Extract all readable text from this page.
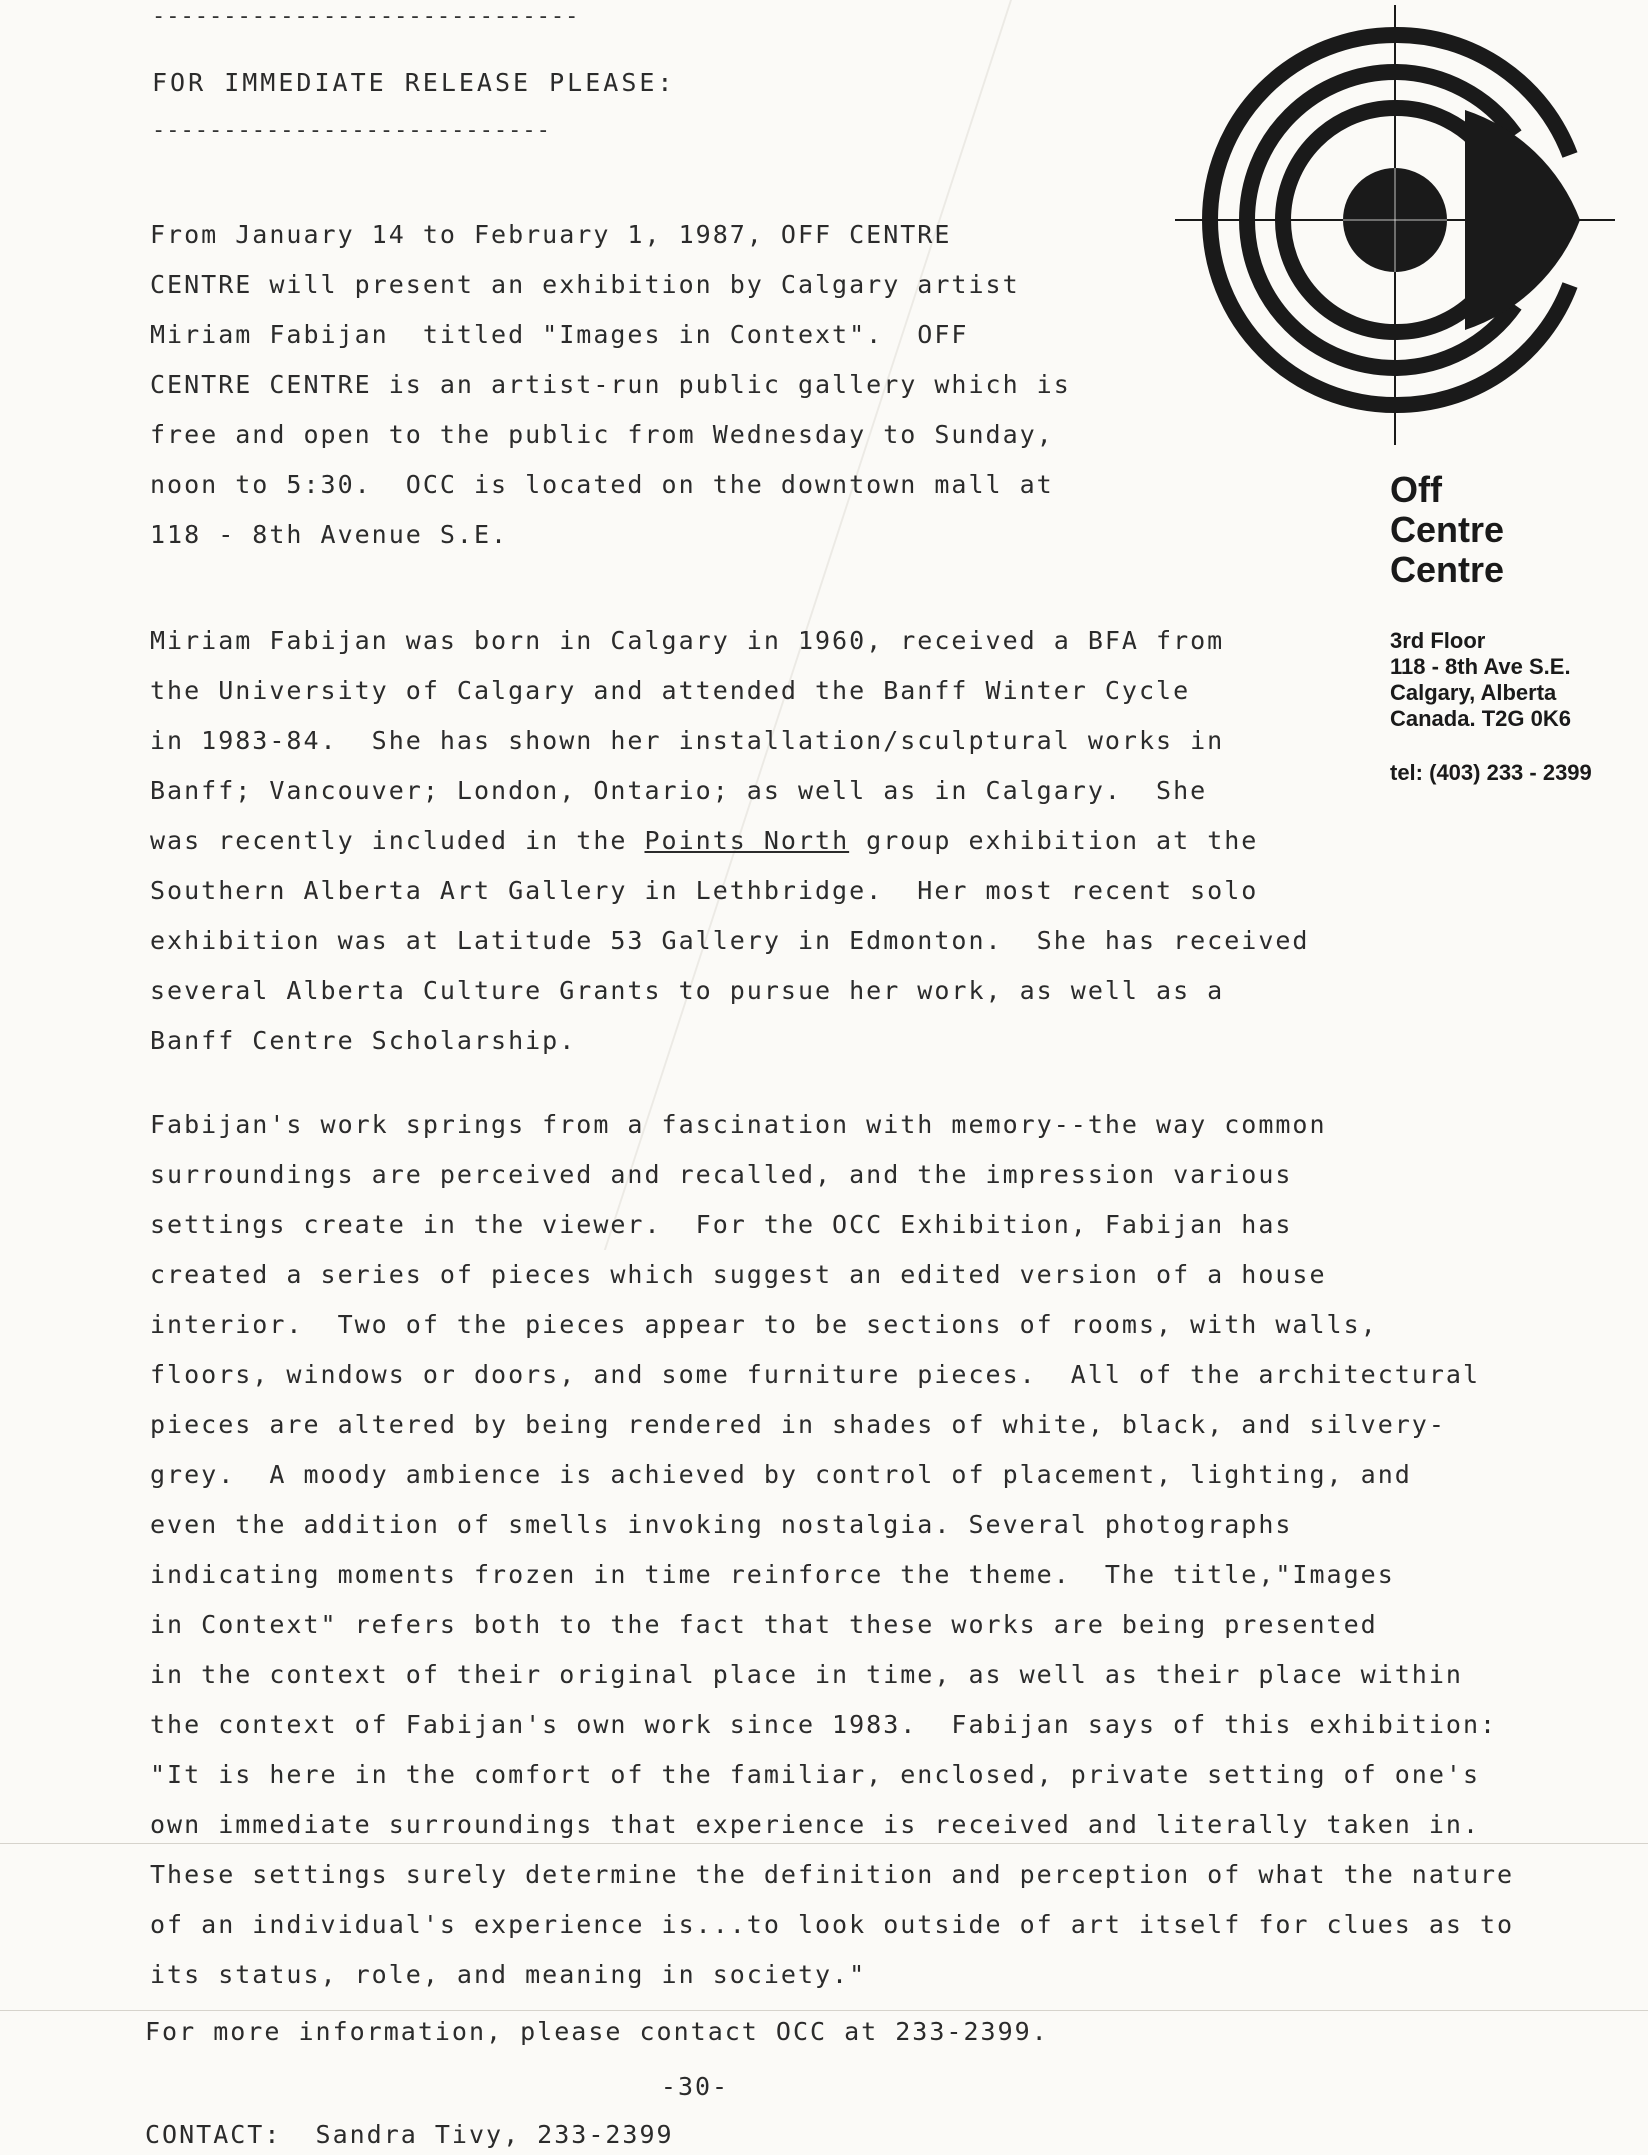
------------------------------
FOR IMMEDIATE RELEASE PLEASE:
----------------------------
From January 14 to February 1, 1987, OFF CENTRE
CENTRE will present an exhibition by Calgary artist
Miriam Fabijan  titled "Images in Context".  OFF
CENTRE CENTRE is an artist-run public gallery which is
free and open to the public from Wednesday to Sunday,
noon to 5:30.  OCC is located on the downtown mall at
118 - 8th Avenue S.E.
Miriam Fabijan was born in Calgary in 1960, received a BFA from
the University of Calgary and attended the Banff Winter Cycle
in 1983-84.  She has shown her installation/sculptural works in
Banff; Vancouver; London, Ontario; as well as in Calgary.  She
was recently included in the Points North group exhibition at the
Southern Alberta Art Gallery in Lethbridge.  Her most recent solo
exhibition was at Latitude 53 Gallery in Edmonton.  She has received
several Alberta Culture Grants to pursue her work, as well as a
Banff Centre Scholarship.
Fabijan's work springs from a fascination with memory--the way common
surroundings are perceived and recalled, and the impression various
settings create in the viewer.  For the OCC Exhibition, Fabijan has
created a series of pieces which suggest an edited version of a house
interior.  Two of the pieces appear to be sections of rooms, with walls,
floors, windows or doors, and some furniture pieces.  All of the architectural
pieces are altered by being rendered in shades of white, black, and silvery-
grey.  A moody ambience is achieved by control of placement, lighting, and
even the addition of smells invoking nostalgia. Several photographs
indicating moments frozen in time reinforce the theme.  The title,"Images
in Context" refers both to the fact that these works are being presented
in the context of their original place in time, as well as their place within
the context of Fabijan's own work since 1983.  Fabijan says of this exhibition:
"It is here in the comfort of the familiar, enclosed, private setting of one's
own immediate surroundings that experience is received and literally taken in.
These settings surely determine the definition and perception of what the nature
of an individual's experience is...to look outside of art itself for clues as to
its status, role, and meaning in society."
For more information, please contact OCC at 233-2399.
-30-
CONTACT:  Sandra Tivy, 233-2399
Off
Centre
Centre
3rd Floor
118 - 8th Ave S.E.
Calgary, Alberta
Canada. T2G 0K6
tel: (403) 233 - 2399
